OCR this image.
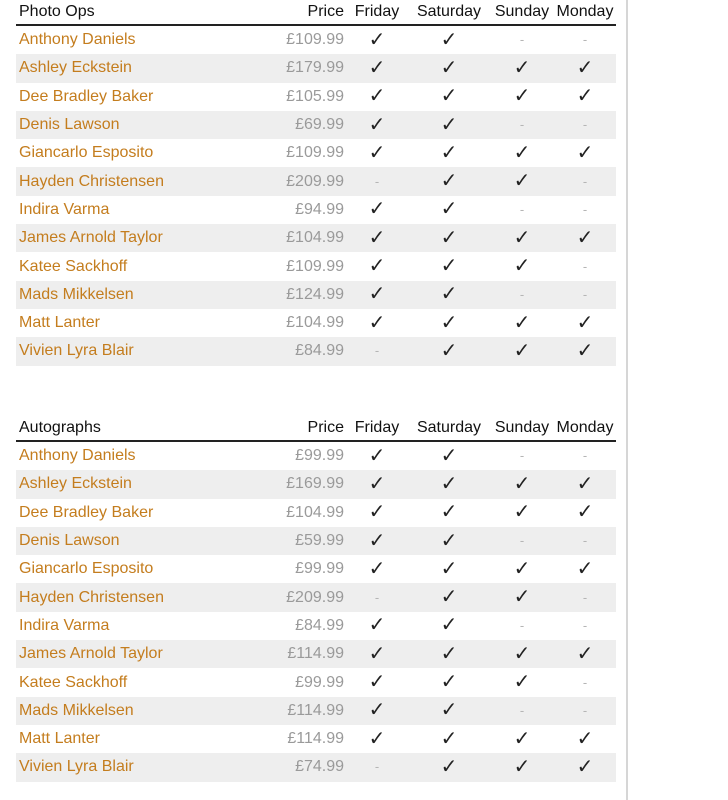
Photo Ops	Price	Friday	Saturday	Sunday	Monday
Anthony Daniels	£109.99	✓	✓	-	-
Ashley Eckstein	£179.99	✓	✓	✓	✓
Dee Bradley Baker	£105.99	✓	✓	✓	✓
Denis Lawson	£69.99	✓	✓	-	-
Giancarlo Esposito	£109.99	✓	✓	✓	✓
Hayden Christensen	£209.99	-	✓	✓	-
Indira Varma	£94.99	✓	✓	-	-
James Arnold Taylor	£104.99	✓	✓	✓	✓
Katee Sackhoff	£109.99	✓	✓	✓	-
Mads Mikkelsen	£124.99	✓	✓	-	-
Matt Lanter	£104.99	✓	✓	✓	✓
Vivien Lyra Blair	£84.99	-	✓	✓	✓
Autographs	Price	Friday	Saturday	Sunday	Monday
Anthony Daniels	£99.99	✓	✓	-	-
Ashley Eckstein	£169.99	✓	✓	✓	✓
Dee Bradley Baker	£104.99	✓	✓	✓	✓
Denis Lawson	£59.99	✓	✓	-	-
Giancarlo Esposito	£99.99	✓	✓	✓	✓
Hayden Christensen	£209.99	-	✓	✓	-
Indira Varma	£84.99	✓	✓	-	-
James Arnold Taylor	£114.99	✓	✓	✓	✓
Katee Sackhoff	£99.99	✓	✓	✓	-
Mads Mikkelsen	£114.99	✓	✓	-	-
Matt Lanter	£114.99	✓	✓	✓	✓
Vivien Lyra Blair	£74.99	-	✓	✓	✓
